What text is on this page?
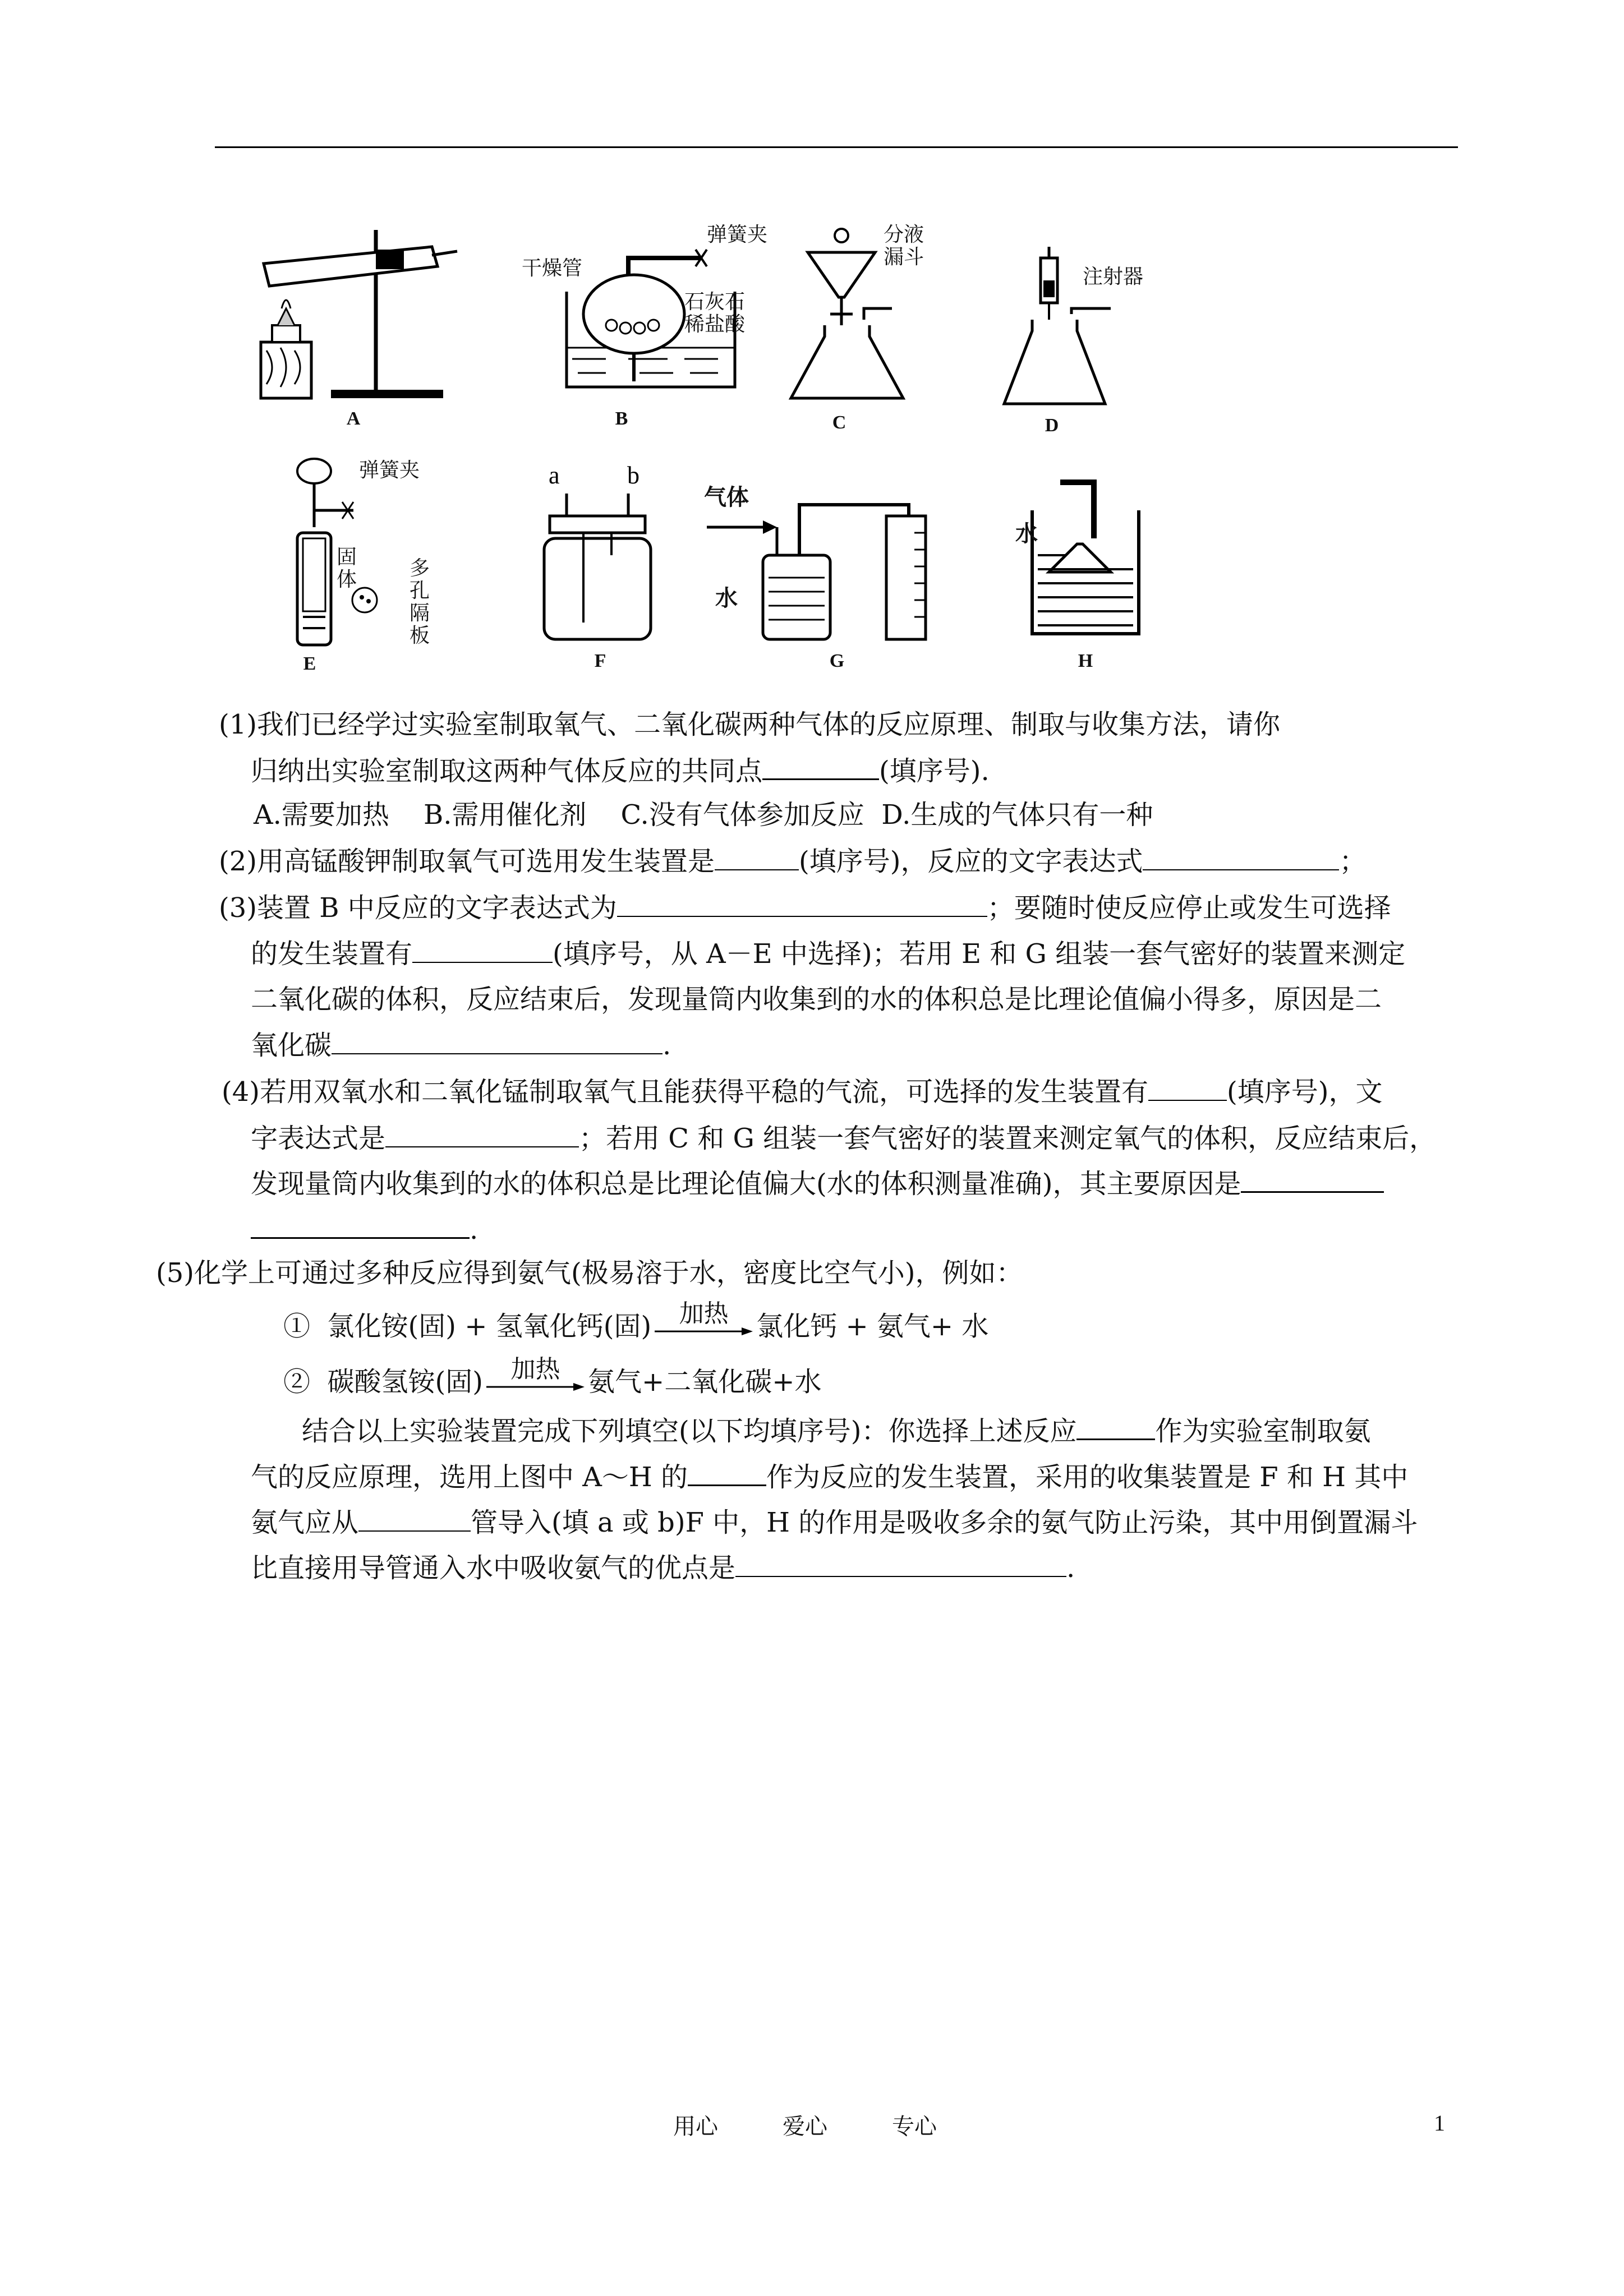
A
弹簧夹
干燥管
石灰石
稀盐酸
B
分液
漏斗
C
注射器
D
弹簧夹
固
体	多
孔
隔
板
E
a	b
F
气体
水
G
水
H
(1)我们已经学过实验室制取氧气、二氧化碳两种气体的反应原理、制取与收集方法，请你
归纳出实验室制取这两种气体反应的共同点	(填序号).
A.需要加热    B.需用催化剂    C.没有气体参加反应  D.生成的气体只有一种
(2)用高锰酸钾制取氧气可选用发生装置是	(填序号)，反应的文字表达式	；
(3)装置 B 中反应的文字表达式为	；要随时使反应停止或发生可选择
的发生装置有	(填序号，从 A－E 中选择)；若用 E 和 G 组装一套气密好的装置来测定
二氧化碳的体积，反应结束后，发现量筒内收集到的水的体积总是比理论值偏小得多，原因是二
氧化碳	.
(4)若用双氧水和二氧化锰制取氧气且能获得平稳的气流，可选择的发生装置有	(填序号)，文
字表达式是	；若用 C 和 G 组装一套气密好的装置来测定氧气的体积，反应结束后，
发现量筒内收集到的水的体积总是比理论值偏大(水的体积测量准确)，其主要原因是
.
(5)化学上可通过多种反应得到氨气(极易溶于水，密度比空气小)，例如：
① 氯化铵(固) + 氢氧化钙(固)	加热	氯化钙 + 氨气+ 水
② 碳酸氢铵(固)	加热	氨气+二氧化碳+水
结合以上实验装置完成下列填空(以下均填序号)：你选择上述反应	作为实验室制取氨
气的反应原理，选用上图中 A～H 的	作为反应的发生装置，采用的收集装置是 F 和 H 其中
氨气应从	管导入(填 a 或 b)F 中，H 的作用是吸收多余的氨气防止污染，其中用倒置漏斗
比直接用导管通入水中吸收氨气的优点是	.
用心	爱心	专心	1
